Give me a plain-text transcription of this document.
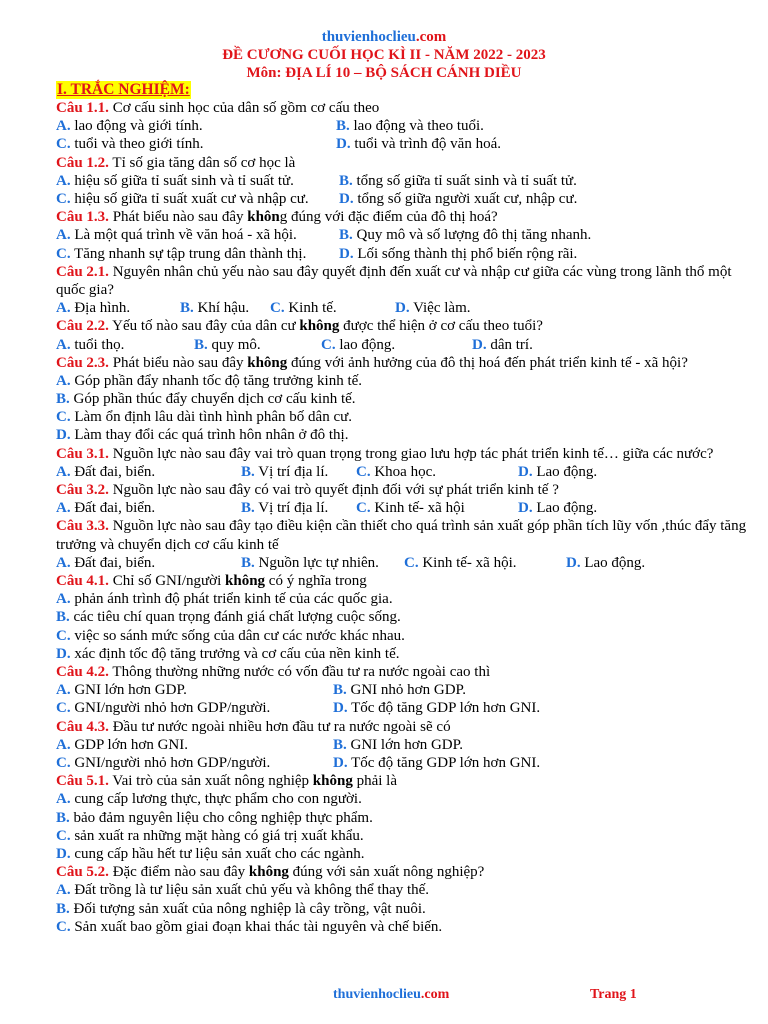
thuvienhoclieu.com
ĐỀ CƯƠNG CUỐI HỌC KÌ II - NĂM 2022 - 2023
Môn: ĐỊA LÍ 10 – BỘ SÁCH CÁNH DIỀU
I. TRẮC NGHIỆM:
Câu 1.1. Cơ cấu sinh học của dân số gồm cơ cấu theo
A. lao động và giới tính.	B. lao động và theo tuổi.
C. tuổi và theo giới tính.	D. tuổi và trình độ văn hoá.
Câu 1.2. Tỉ số gia tăng dân số cơ học là
A. hiệu số giữa tỉ suất sinh và tỉ suất tử.	B. tổng số giữa tỉ suất sinh và tỉ suất tử.
C. hiệu số giữa tỉ suất xuất cư và nhập cư. D. tổng số giữa người xuất cư, nhập cư.
Câu 1.3. Phát biểu nào sau đây không đúng với đặc điểm của đô thị hoá?
A. Là một quá trình về văn hoá - xã hội.	B. Quy mô và số lượng đô thị tăng nhanh.
C. Tăng nhanh sự tập trung dân thành thị. D. Lối sống thành thị phổ biến rộng rãi.
Câu 2.1. Nguyên nhân chủ yếu nào sau đây quyết định đến xuất cư và nhập cư giữa các vùng trong lãnh thổ một quốc gia?
A. Địa hình.	B. Khí hậu. C. Kinh tế.	D. Việc làm.
Câu 2.2. Yếu tố nào sau đây của dân cư không được thể hiện ở cơ cấu theo tuổi?
A. tuổi thọ.	B. quy mô.	C. lao động.	D. dân trí.
Câu 2.3. Phát biểu nào sau đây không đúng với ảnh hưởng của đô thị hoá đến phát triển kinh tế - xã hội?
A. Góp phần đẩy nhanh tốc độ tăng trưởng kinh tế.
B. Góp phần thúc đẩy chuyển dịch cơ cấu kinh tế.
C. Làm ổn định lâu dài tình hình phân bố dân cư.
D. Làm thay đổi các quá trình hôn nhân ở đô thị.
Câu 3.1. Nguồn lực nào sau đây vai trò quan trọng trong giao lưu hợp tác phát triển kinh tế… giữa các nước?
A. Đất đai, biển.	B. Vị trí địa lí. C. Khoa học.	D. Lao động.
Câu 3.2. Nguồn lực nào sau đây có vai trò quyết định đối với sự phát triển kinh tế ?
A. Đất đai, biển.	B. Vị trí địa lí. C. Kinh tế- xã hội	D. Lao động.
Câu 3.3. Nguồn lực nào sau đây tạo điều kiện cần thiết cho quá trình sản xuất góp phần tích lũy vốn ,thúc đẩy tăng trưởng và chuyển dịch cơ cấu kinh tế
A. Đất đai, biển.	B. Nguồn lực tự nhiên. C. Kinh tế- xã hội.	D. Lao động.
Câu 4.1. Chỉ số GNI/người không có ý nghĩa trong
A. phản ánh trình độ phát triển kinh tế của các quốc gia.
B. các tiêu chí quan trọng đánh giá chất lượng cuộc sống.
C. việc so sánh mức sống của dân cư các nước khác nhau.
D. xác định tốc độ tăng trưởng và cơ cấu của nền kinh tế.
Câu 4.2. Thông thường những nước có vốn đầu tư ra nước ngoài cao thì
A. GNI lớn hơn GDP.	B. GNI nhỏ hơn GDP.
C. GNI/người nhỏ hơn GDP/người.	D. Tốc độ tăng GDP lớn hơn GNI.
Câu 4.3. Đầu tư nước ngoài nhiều hơn đầu tư ra nước ngoài sẽ có
A. GDP lớn hơn GNI.	B. GNI lớn hơn GDP.
C. GNI/người nhỏ hơn GDP/người.	D. Tốc độ tăng GDP lớn hơn GNI.
Câu 5.1. Vai trò của sản xuất nông nghiệp không phải là
A. cung cấp lương thực, thực phẩm cho con người.
B. bảo đảm nguyên liệu cho công nghiệp thực phẩm.
C. sản xuất ra những mặt hàng có giá trị xuất khẩu.
D. cung cấp hầu hết tư liệu sản xuất cho các ngành.
Câu 5.2. Đặc điểm nào sau đây không đúng với sản xuất nông nghiệp?
A. Đất trồng là tư liệu sản xuất chủ yếu và không thể thay thế.
B. Đối tượng sản xuất của nông nghiệp là cây trồng, vật nuôi.
C. Sản xuất bao gồm giai đoạn khai thác tài nguyên và chế biến.
thuvienhoclieu.com	Trang 1
